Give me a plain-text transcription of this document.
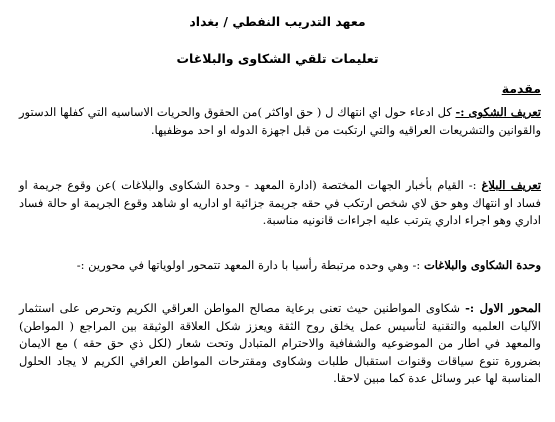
معهد التدريب النفطي / بغداد
تعليمات تلقي الشكاوى والبلاغات
مقدمة

تعريف الشكوى :- كل ادعاء حول اي انتهاك ل ( حق اواكثر )من الحقوق والحريات الاساسيه التي كفلها الدستور والقوانين والتشريعات العراقيه والتي ارتكبت من قبل اجهزة الدوله او احد موظفيها.

تعريف البلاغ :- القيام بأخبار الجهات المختصة (ادارة المعهد - وحدة الشكاوى والبلاغات )عن وقوع جريمة او فساد او انتهاك وهو حق لاي شخص ارتكب في حقه جريمة جزائية او اداريه او شاهد وقوع الجريمة او حالة فساد اداري وهو اجراء اداري يترتب عليه اجراءات قانونيه مناسبة.

وحدة الشكاوى والبلاغات :- وهي وحده مرتبطة رأسيا با دارة المعهد تتمحور اولوياتها في محورين :-

المحور الاول :- شكاوى المواطنين حيث تعنى برعاية مصالح المواطن العراقي الكريم وتحرص على استثمار الآليات العلميه والتقنية لتأسيس عمل يخلق روح الثقة ويعزز شكل العلاقة الوثيقة بين المراجع ( المواطن) والمعهد في اطار من الموضوعيه والشفافية والاحترام المتبادل وتحت شعار (لكل ذي حق حقه ) مع الايمان بضرورة تنوع سياقات وقنوات استقبال طلبات وشكاوى ومقترحات المواطن العراقي الكريم لا يجاد الحلول المناسبة لها عبر وسائل عدة كما مبين لاحقا.
